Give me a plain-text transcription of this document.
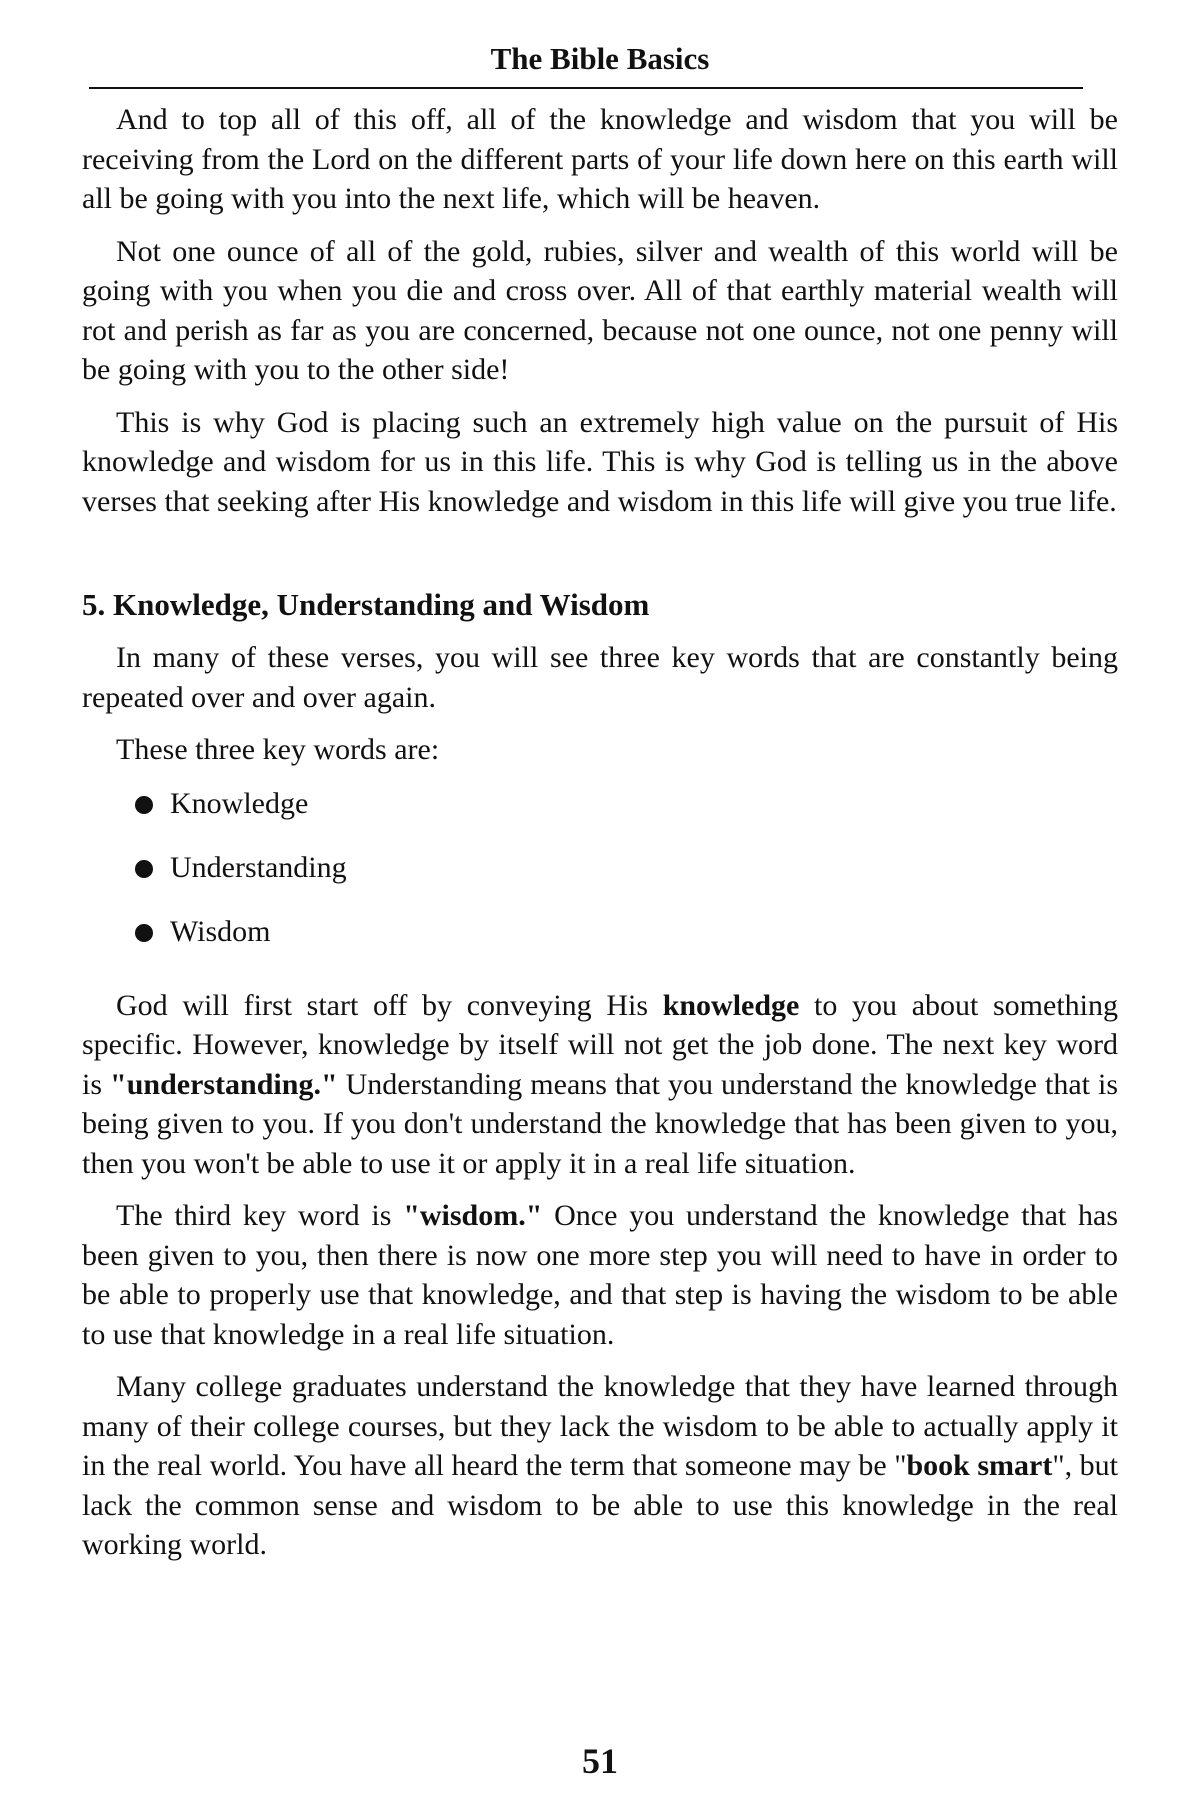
The Bible Basics

And to top all of this off, all of the knowledge and wisdom that you will be receiving from the Lord on the different parts of your life down here on this earth will all be going with you into the next life, which will be heaven.

Not one ounce of all of the gold, rubies, silver and wealth of this world will be going with you when you die and cross over. All of that earthly material wealth will rot and perish as far as you are concerned, because not one ounce, not one penny will be going with you to the other side!

This is why God is placing such an extremely high value on the pursuit of His knowledge and wisdom for us in this life. This is why God is telling us in the above verses that seeking after His knowledge and wisdom in this life will give you true life.

5. Knowledge, Understanding and Wisdom

In many of these verses, you will see three key words that are constantly being repeated over and over again.

These three key words are:

Knowledge
Understanding
Wisdom

God will first start off by conveying His knowledge to you about something specific. However, knowledge by itself will not get the job done. The next key word is "understanding." Understanding means that you understand the knowledge that is being given to you. If you don't understand the knowledge that has been given to you, then you won't be able to use it or apply it in a real life situation.

The third key word is "wisdom." Once you understand the knowledge that has been given to you, then there is now one more step you will need to have in order to be able to properly use that knowledge, and that step is having the wisdom to be able to use that knowledge in a real life situation.

Many college graduates understand the knowledge that they have learned through many of their college courses, but they lack the wisdom to be able to actually apply it in the real world. You have all heard the term that someone may be "book smart", but lack the common sense and wisdom to be able to use this knowledge in the real working world.

51
